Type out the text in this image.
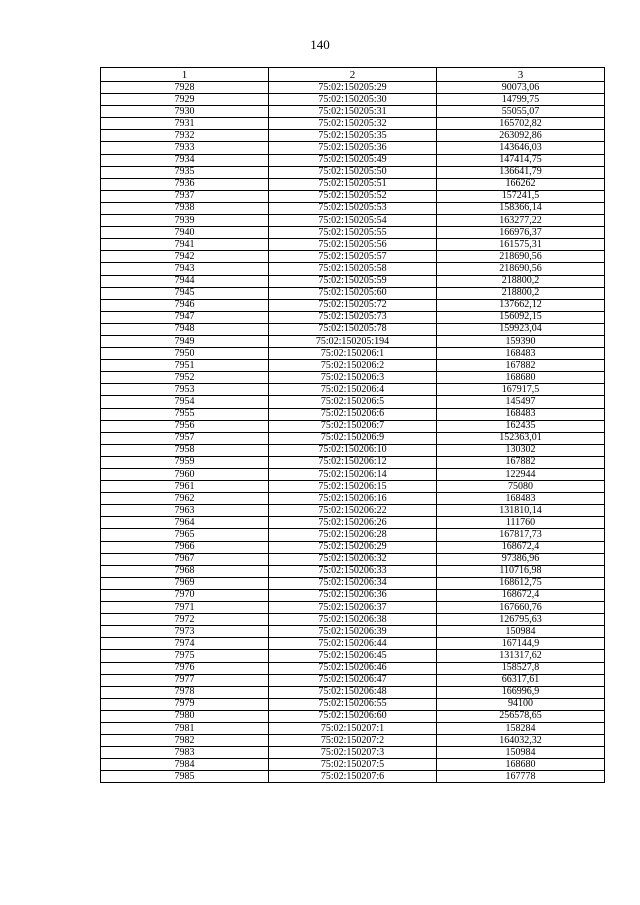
140
1	2	3
7928	75:02:150205:29	90073,06
7929	75:02:150205:30	14799,75
7930	75:02:150205:31	55055,07
7931	75:02:150205:32	165702,82
7932	75:02:150205:35	263092,86
7933	75:02:150205:36	143646,03
7934	75:02:150205:49	147414,75
7935	75:02:150205:50	136641,79
7936	75:02:150205:51	166262
7937	75:02:150205:52	157241,5
7938	75:02:150205:53	158366,14
7939	75:02:150205:54	163277,22
7940	75:02:150205:55	166976,37
7941	75:02:150205:56	161575,31
7942	75:02:150205:57	218690,56
7943	75:02:150205:58	218690,56
7944	75:02:150205:59	218800,2
7945	75:02:150205:60	218800,2
7946	75:02:150205:72	137662,12
7947	75:02:150205:73	156092,15
7948	75:02:150205:78	159923,04
7949	75:02:150205:194	159390
7950	75:02:150206:1	168483
7951	75:02:150206:2	167882
7952	75:02:150206:3	168680
7953	75:02:150206:4	167917,5
7954	75:02:150206:5	145497
7955	75:02:150206:6	168483
7956	75:02:150206:7	162435
7957	75:02:150206:9	152363,01
7958	75:02:150206:10	130302
7959	75:02:150206:12	167882
7960	75:02:150206:14	122944
7961	75:02:150206:15	75080
7962	75:02:150206:16	168483
7963	75:02:150206:22	131810,14
7964	75:02:150206:26	111760
7965	75:02:150206:28	167817,73
7966	75:02:150206:29	168672,4
7967	75:02:150206:32	97386,96
7968	75:02:150206:33	110716,98
7969	75:02:150206:34	168612,75
7970	75:02:150206:36	168672,4
7971	75:02:150206:37	167660,76
7972	75:02:150206:38	126795,63
7973	75:02:150206:39	150984
7974	75:02:150206:44	167144,9
7975	75:02:150206:45	131317,62
7976	75:02:150206:46	158527,8
7977	75:02:150206:47	66317,61
7978	75:02:150206:48	166996,9
7979	75:02:150206:55	94100
7980	75:02:150206:60	256578,65
7981	75:02:150207:1	158284
7982	75:02:150207:2	164032,32
7983	75:02:150207:3	150984
7984	75:02:150207:5	168680
7985	75:02:150207:6	167778
